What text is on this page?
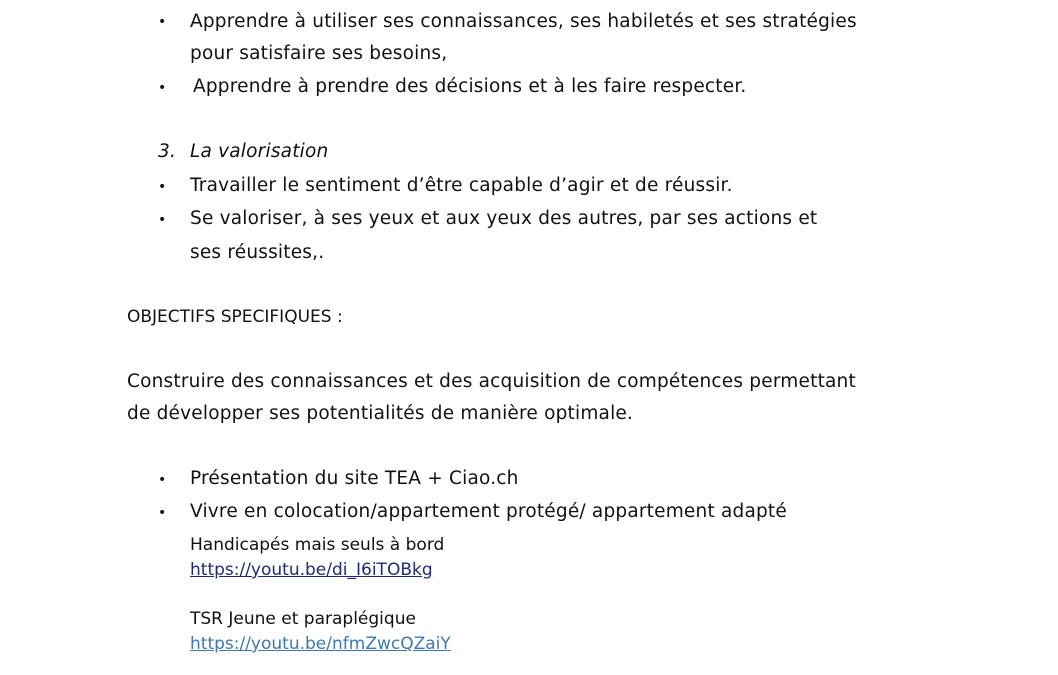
• Apprendre à utiliser ses connaissances, ses habiletés et ses stratégies
pour satisfaire ses besoins,
• Apprendre à prendre des décisions et à les faire respecter.
3. La valorisation
• Travailler le sentiment d’être capable d’agir et de réussir.
• Se valoriser, à ses yeux et aux yeux des autres, par ses actions et
ses réussites,.
OBJECTIFS SPECIFIQUES :
Construire des connaissances et des acquisition de compétences permettant
de développer ses potentialités de manière optimale.
• Présentation du site TEA + Ciao.ch
• Vivre en colocation/appartement protégé/ appartement adapté
Handicapés mais seuls à bord
https://youtu.be/di_I6iTOBkg
TSR Jeune et paraplégique
https://youtu.be/nfmZwcQZaiY
